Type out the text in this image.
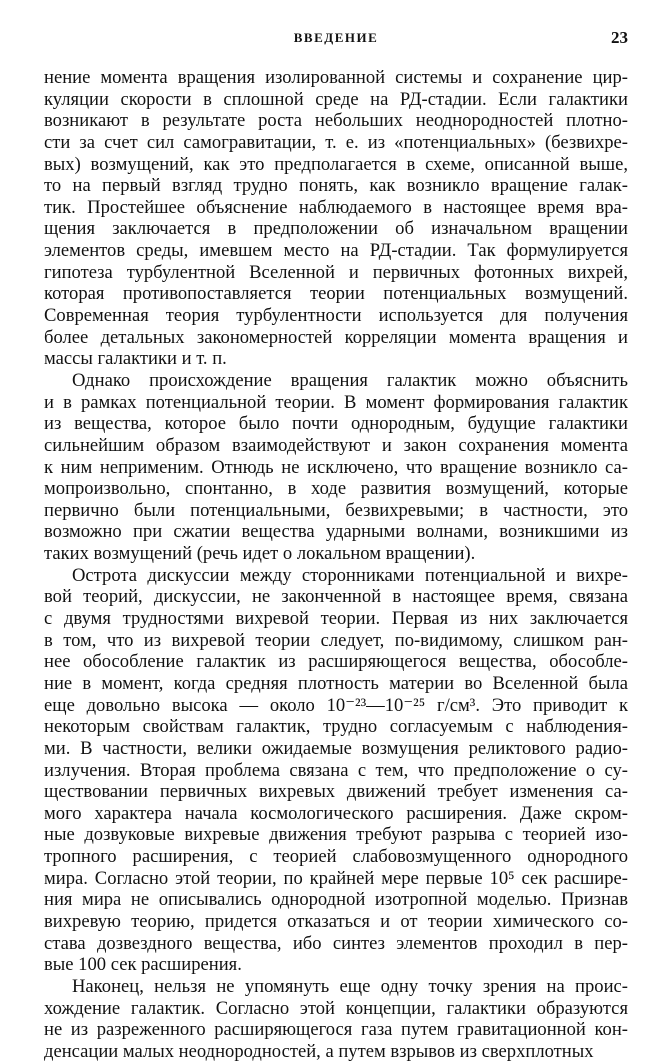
ВВЕДЕНИЕ	23
нение момента вращения изолированной системы и сохранение цир-
куляции скорости в сплошной среде на РД-стадии. Если галактики
возникают в результате роста небольших неоднородностей плотно-
сти за счет сил самогравитации, т. е. из «потенциальных» (безвихре-
вых) возмущений, как это предполагается в схеме, описанной выше,
то на первый взгляд трудно понять, как возникло вращение галак-
тик. Простейшее объяснение наблюдаемого в настоящее время вра-
щения заключается в предположении об изначальном вращении
элементов среды, имевшем место на РД-стадии. Так формулируется
гипотеза турбулентной Вселенной и первичных фотонных вихрей,
которая противопоставляется теории потенциальных возмущений.
Современная теория турбулентности используется для получения
более детальных закономерностей корреляции момента вращения и
массы галактики и т. п.
Однако происхождение вращения галактик можно объяснить
и в рамках потенциальной теории. В момент формирования галактик
из вещества, которое было почти однородным, будущие галактики
сильнейшим образом взаимодействуют и закон сохранения момента
к ним неприменим. Отнюдь не исключено, что вращение возникло са-
мопроизвольно, спонтанно, в ходе развития возмущений, которые
первично были потенциальными, безвихревыми; в частности, это
возможно при сжатии вещества ударными волнами, возникшими из
таких возмущений (речь идет о локальном вращении).
Острота дискуссии между сторонниками потенциальной и вихре-
вой теорий, дискуссии, не законченной в настоящее время, связана
с двумя трудностями вихревой теории. Первая из них заключается
в том, что из вихревой теории следует, по-видимому, слишком ран-
нее обособление галактик из расширяющегося вещества, обособле-
ние в момент, когда средняя плотность материи во Вселенной была
еще довольно высока — около 10⁻²³—10⁻²⁵ г/см³. Это приводит к
некоторым свойствам галактик, трудно согласуемым с наблюдения-
ми. В частности, велики ожидаемые возмущения реликтового радио-
излучения. Вторая проблема связана с тем, что предположение о су-
ществовании первичных вихревых движений требует изменения са-
мого характера начала космологического расширения. Даже скром-
ные дозвуковые вихревые движения требуют разрыва с теорией изо-
тропного расширения, с теорией слабовозмущенного однородного
мира. Согласно этой теории, по крайней мере первые 10⁵ сек расшире-
ния мира не описывались однородной изотропной моделью. Признав
вихревую теорию, придется отказаться и от теории химического со-
става дозвездного вещества, ибо синтез элементов проходил в пер-
вые 100 сек расширения.
Наконец, нельзя не упомянуть еще одну точку зрения на проис-
хождение галактик. Согласно этой концепции, галактики образуются
не из разреженного расширяющегося газа путем гравитационной кон-
денсации малых неоднородностей, а путем взрывов из сверхплотных
